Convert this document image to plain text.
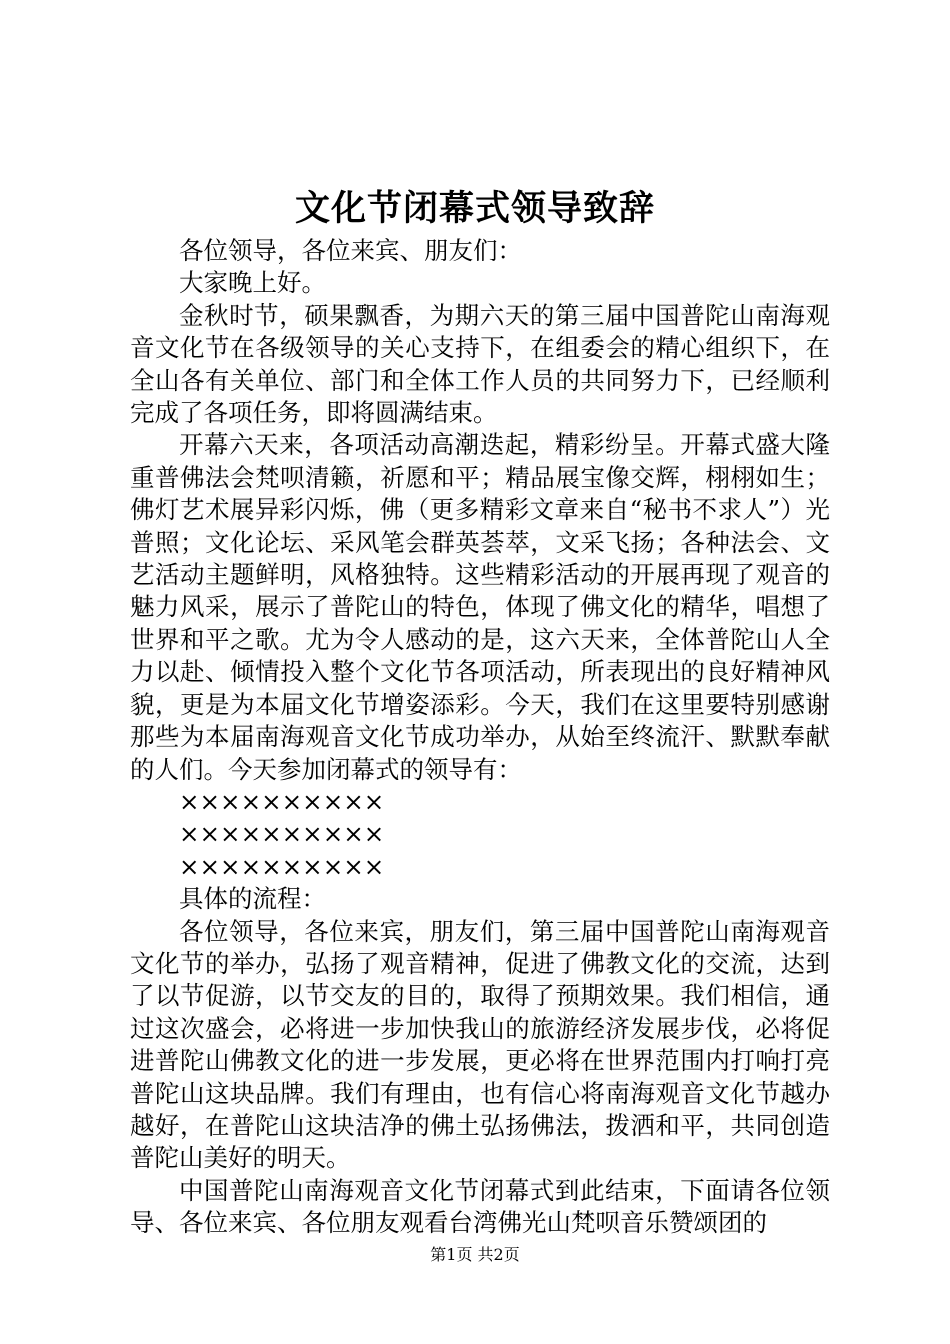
文化节闭幕式领导致辞

各位领导，各位来宾、朋友们：

大家晚上好。

金秋时节，硕果飘香，为期六天的第三届中国普陀山南海观音文化节在各级领导的关心支持下，在组委会的精心组织下，在全山各有关单位、部门和全体工作人员的共同努力下，已经顺利完成了各项任务，即将圆满结束。

开幕六天来，各项活动高潮迭起，精彩纷呈。开幕式盛大隆重普佛法会梵呗清籁，祈愿和平；精品展宝像交辉，栩栩如生；佛灯艺术展异彩闪烁，佛（更多精彩文章来自“秘书不求人”）光普照；文化论坛、采风笔会群英荟萃，文采飞扬；各种法会、文艺活动主题鲜明，风格独特。这些精彩活动的开展再现了观音的魅力风采，展示了普陀山的特色，体现了佛文化的精华，唱想了世界和平之歌。尤为令人感动的是，这六天来，全体普陀山人全力以赴、倾情投入整个文化节各项活动，所表现出的良好精神风貌，更是为本届文化节增姿添彩。今天，我们在这里要特别感谢那些为本届南海观音文化节成功举办，从始至终流汗、默默奉献的人们。今天参加闭幕式的领导有：

××××××××××

××××××××××

××××××××××

具体的流程：

各位领导，各位来宾，朋友们，第三届中国普陀山南海观音文化节的举办，弘扬了观音精神，促进了佛教文化的交流，达到了以节促游，以节交友的目的，取得了预期效果。我们相信，通过这次盛会，必将进一步加快我山的旅游经济发展步伐，必将促进普陀山佛教文化的进一步发展，更必将在世界范围内打响打亮普陀山这块品牌。我们有理由，也有信心将南海观音文化节越办越好，在普陀山这块洁净的佛土弘扬佛法，拨洒和平，共同创造普陀山美好的明天。

中国普陀山南海观音文化节闭幕式到此结束，下面请各位领导、各位来宾、各位朋友观看台湾佛光山梵呗音乐赞颂团的

第1页 共2页
